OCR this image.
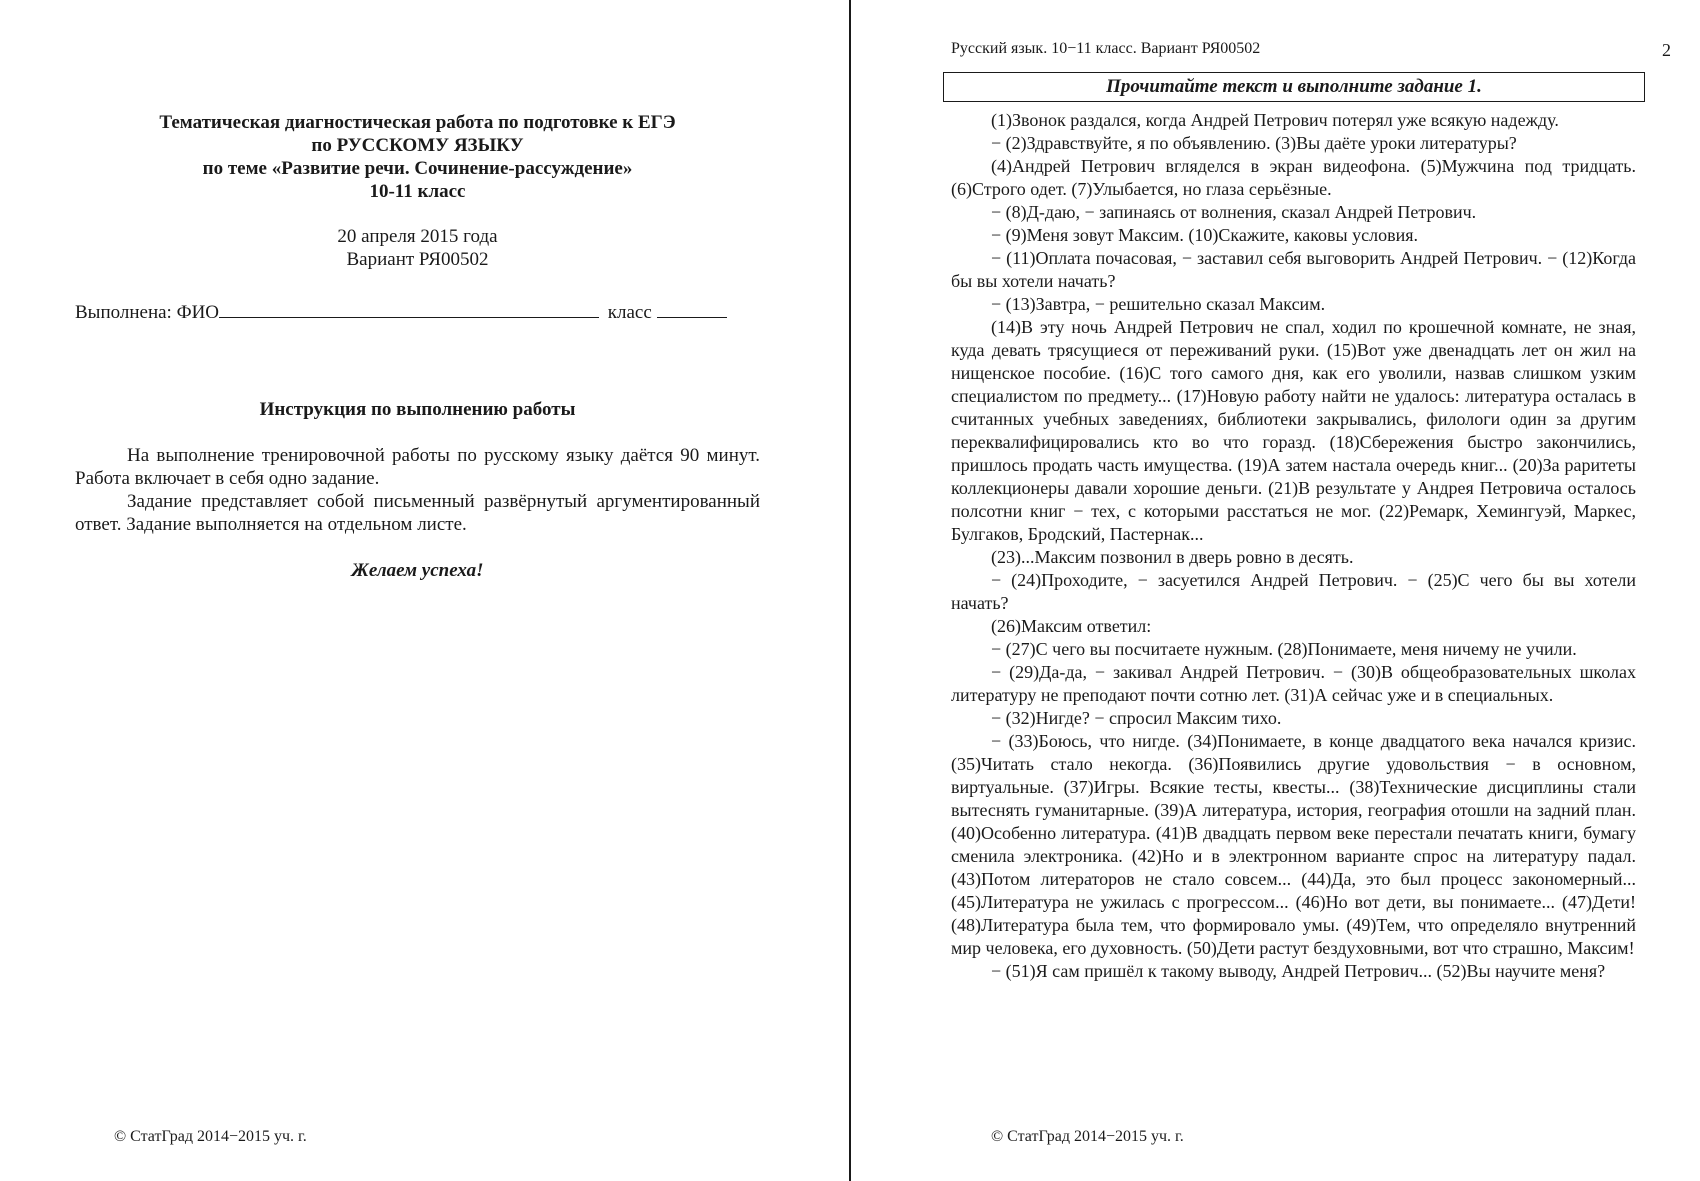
Тематическая диагностическая работа по подготовке к ЕГЭ
по РУССКОМУ ЯЗЫКУ
по теме «Развитие речи. Сочинение-рассуждение»
10-11 класс
20 апреля 2015 года
Вариант РЯ00502
Выполнена: ФИО	класс
Инструкция по выполнению работы

На выполнение тренировочной работы по русскому языку даётся 90 минут. Работа включает в себя одно задание.

Задание представляет собой письменный развёрнутый аргументированный ответ. Задание выполняется на отдельном листе.

Желаем успеха!
© СтатГрад 2014−2015 уч. г.
Русский язык. 10−11 класс. Вариант РЯ00502	2
Прочитайте текст и выполните задание 1.

(1)Звонок раздался, когда Андрей Петрович потерял уже всякую надежду.

− (2)Здравствуйте, я по объявлению. (3)Вы даёте уроки литературы?

(4)Андрей Петрович вгляделся в экран видеофона. (5)Мужчина под тридцать. (6)Строго одет. (7)Улыбается, но глаза серьёзные.

− (8)Д-даю, − запинаясь от волнения, сказал Андрей Петрович.

− (9)Меня зовут Максим. (10)Скажите, каковы условия.

− (11)Оплата почасовая, − заставил себя выговорить Андрей Петрович. − (12)Когда бы вы хотели начать?

− (13)Завтра, − решительно сказал Максим.

(14)В эту ночь Андрей Петрович не спал, ходил по крошечной комнате, не зная, куда девать трясущиеся от переживаний руки. (15)Вот уже двенадцать лет он жил на нищенское пособие. (16)С того самого дня, как его уволили, назвав слишком узким специалистом по предмету... (17)Новую работу найти не удалось: литература осталась в считанных учебных заведениях, библиотеки закрывались, филологи один за другим переквалифицировались кто во что горазд. (18)Сбережения быстро закончились, пришлось продать часть имущества. (19)А затем настала очередь книг... (20)За раритеты коллекционеры давали хорошие деньги. (21)В результате у Андрея Петровича осталось полсотни книг − тех, с которыми расстаться не мог. (22)Ремарк, Хемингуэй, Маркес, Булгаков, Бродский, Пастернак...

(23)...Максим позвонил в дверь ровно в десять.

− (24)Проходите, − засуетился Андрей Петрович. − (25)С чего бы вы хотели начать?

(26)Максим ответил:

− (27)С чего вы посчитаете нужным. (28)Понимаете, меня ничему не учили.

− (29)Да-да, − закивал Андрей Петрович. − (30)В общеобразовательных школах литературу не преподают почти сотню лет. (31)А сейчас уже и в специальных.

− (32)Нигде? − спросил Максим тихо.

− (33)Боюсь, что нигде. (34)Понимаете, в конце двадцатого века начался кризис. (35)Читать стало некогда. (36)Появились другие удовольствия − в основном, виртуальные. (37)Игры. Всякие тесты, квесты... (38)Технические дисциплины стали вытеснять гуманитарные. (39)А литература, история, география отошли на задний план. (40)Особенно литература. (41)В двадцать первом веке перестали печатать книги, бумагу сменила электроника. (42)Но и в электронном варианте спрос на литературу падал. (43)Потом литераторов не стало совсем... (44)Да, это был процесс закономерный... (45)Литература не ужилась с прогрессом... (46)Но вот дети, вы понимаете... (47)Дети! (48)Литература была тем, что формировало умы. (49)Тем, что определяло внутренний мир человека, его духовность. (50)Дети растут бездуховными, вот что страшно, Максим!

− (51)Я сам пришёл к такому выводу, Андрей Петрович... (52)Вы научите меня?

© СтатГрад 2014−2015 уч. г.
